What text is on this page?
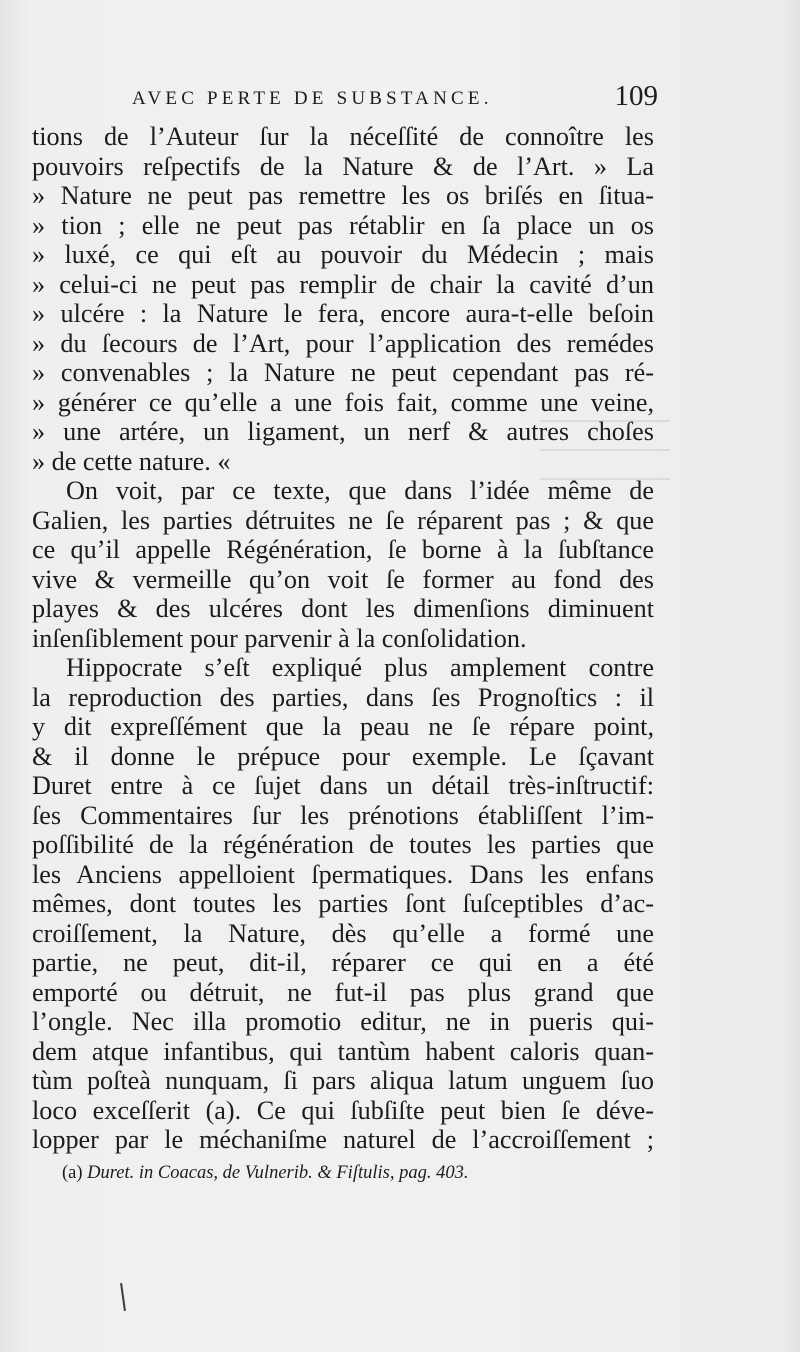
AVEC PERTE DE SUBSTANCE.	109
tions de l’Auteur ſur la néceſſité de connoître les
pouvoirs reſpectifs de la Nature & de l’Art. » La
» Nature ne peut pas remettre les os briſés en ſitua-
» tion ; elle ne peut pas rétablir en ſa place un os
» luxé, ce qui eſt au pouvoir du Médecin ; mais
» celui-ci ne peut pas remplir de chair la cavité d’un
» ulcére : la Nature le fera, encore aura-t-elle beſoin
» du ſecours de l’Art, pour l’application des remédes
» convenables ; la Nature ne peut cependant pas ré-
» générer ce qu’elle a une fois fait, comme une veine,
» une artére, un ligament, un nerf & autres choſes
» de cette nature. «
On voit, par ce texte, que dans l’idée même de
Galien, les parties détruites ne ſe réparent pas ; & que
ce qu’il appelle Régénération, ſe borne à la ſubſtance
vive & vermeille qu’on voit ſe former au fond des
playes & des ulcéres dont les dimenſions diminuent
inſenſiblement pour parvenir à la conſolidation.
Hippocrate s’eſt expliqué plus amplement contre
la reproduction des parties, dans ſes Prognoſtics : il
y dit expreſſément que la peau ne ſe répare point,
& il donne le prépuce pour exemple. Le ſçavant
Duret entre à ce ſujet dans un détail très-inſtructif:
ſes Commentaires ſur les prénotions établiſſent l’im-
poſſibilité de la régénération de toutes les parties que
les Anciens appelloient ſpermatiques. Dans les enfans
mêmes, dont toutes les parties ſont ſuſceptibles d’ac-
croiſſement, la Nature, dès qu’elle a formé une
partie, ne peut, dit-il, réparer ce qui en a été
emporté ou détruit, ne fut-il pas plus grand que
l’ongle. Nec illa promotio editur, ne in pueris qui-
dem atque infantibus, qui tantùm habent caloris quan-
tùm poſteà nunquam, ſi pars aliqua latum unguem ſuo
loco exceſſerit (a). Ce qui ſubſiſte peut bien ſe déve-
lopper par le méchaniſme naturel de l’accroiſſement ;
(a) Duret. in Coacas, de Vulnerib. & Fiſtulis, pag. 403.
